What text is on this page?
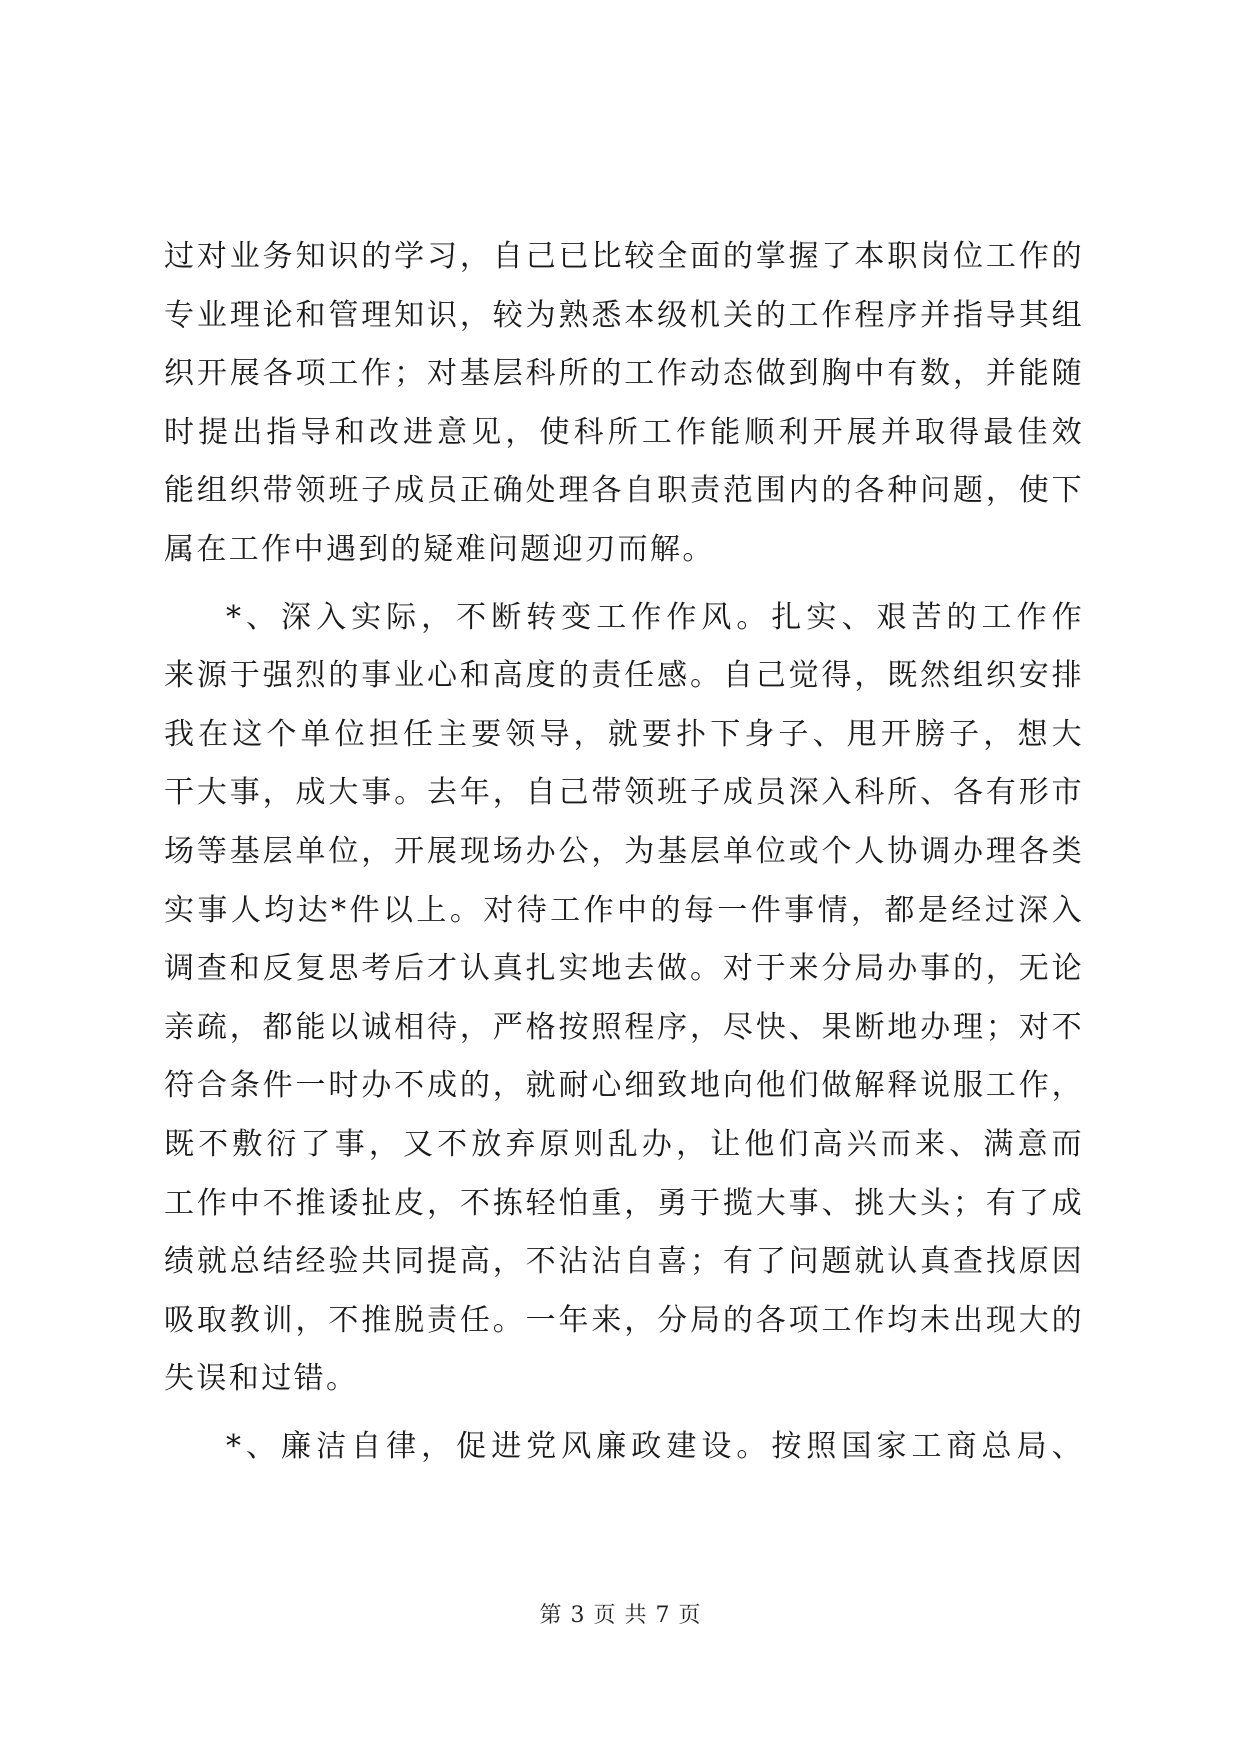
过对业务知识的学习，自己已比较全面的掌握了本职岗位工作的
专业理论和管理知识，较为熟悉本级机关的工作程序并指导其组
织开展各项工作；对基层科所的工作动态做到胸中有数，并能随
时提出指导和改进意见，使科所工作能顺利开展并取得最佳效
能组织带领班子成员正确处理各自职责范围内的各种问题，使下
属在工作中遇到的疑难问题迎刃而解。
*、深入实际，不断转变工作作风。扎实、艰苦的工作作
来源于强烈的事业心和高度的责任感。自己觉得，既然组织安排
我在这个单位担任主要领导，就要扑下身子、甩开膀子，想大
干大事，成大事。去年，自己带领班子成员深入科所、各有形市
场等基层单位，开展现场办公，为基层单位或个人协调办理各类
实事人均达*件以上。对待工作中的每一件事情，都是经过深入
调查和反复思考后才认真扎实地去做。对于来分局办事的，无论
亲疏，都能以诚相待，严格按照程序，尽快、果断地办理；对不
符合条件一时办不成的，就耐心细致地向他们做解释说服工作，
既不敷衍了事，又不放弃原则乱办，让他们高兴而来、满意而
工作中不推诿扯皮，不拣轻怕重，勇于揽大事、挑大头；有了成
绩就总结经验共同提高，不沾沾自喜；有了问题就认真查找原因
吸取教训，不推脱责任。一年来，分局的各项工作均未出现大的
失误和过错。
*、廉洁自律，促进党风廉政建设。按照国家工商总局、
第 3 页 共 7 页
